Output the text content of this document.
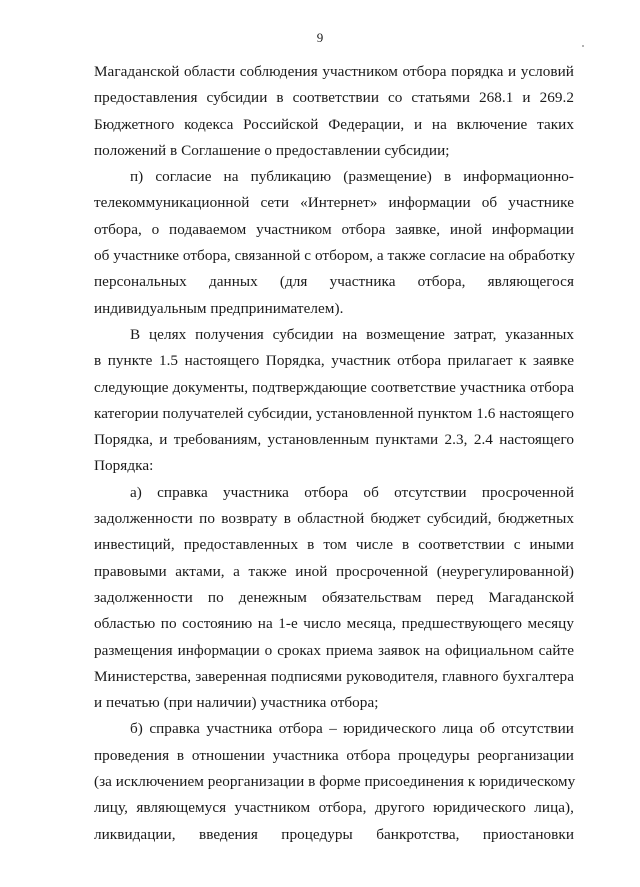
9
Магаданской области соблюдения участником отбора порядка и условий
предоставления субсидии в соответствии со статьями 268.1 и 269.2
Бюджетного кодекса Российской Федерации, и на включение таких
положений в Соглашение о предоставлении субсидии;
п) согласие на публикацию (размещение) в информационно-
телекоммуникационной сети «Интернет» информации об участнике
отбора, о подаваемом участником отбора заявке, иной информации
об участнике отбора, связанной с отбором, а также согласие на обработку
персональных данных (для участника отбора, являющегося
индивидуальным предпринимателем).
В целях получения субсидии на возмещение затрат, указанных
в пункте 1.5 настоящего Порядка, участник отбора прилагает к заявке
следующие документы, подтверждающие соответствие участника отбора
категории получателей субсидии, установленной пунктом 1.6 настоящего
Порядка, и требованиям, установленным пунктами 2.3, 2.4 настоящего
Порядка:
а) справка участника отбора об отсутствии просроченной
задолженности по возврату в областной бюджет субсидий, бюджетных
инвестиций, предоставленных в том числе в соответствии с иными
правовыми актами, а также иной просроченной (неурегулированной)
задолженности по денежным обязательствам перед Магаданской
областью по состоянию на 1-е число месяца, предшествующего месяцу
размещения информации о сроках приема заявок на официальном сайте
Министерства, заверенная подписями руководителя, главного бухгалтера
и печатью (при наличии) участника отбора;
б) справка участника отбора – юридического лица об отсутствии
проведения в отношении участника отбора процедуры реорганизации
(за исключением реорганизации в форме присоединения к юридическому
лицу, являющемуся участником отбора, другого юридического лица),
ликвидации, введения процедуры банкротства, приостановки
